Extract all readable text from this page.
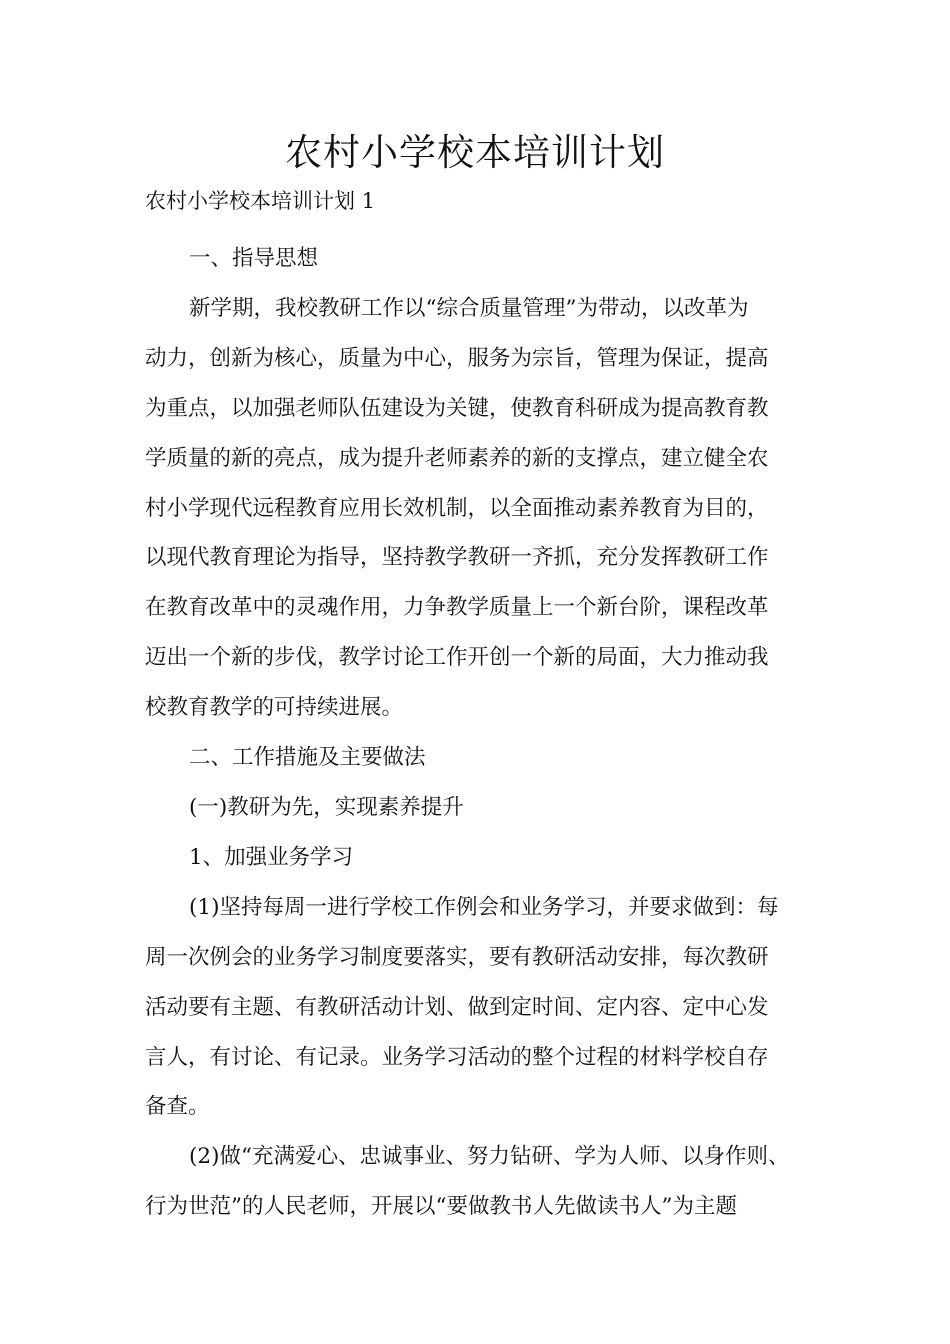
农村小学校本培训计划
农村小学校本培训计划 1
一、指导思想
新学期，我校教研工作以“综合质量管理”为带动，以改革为
动力，创新为核心，质量为中心，服务为宗旨，管理为保证，提高
为重点，以加强老师队伍建设为关键，使教育科研成为提高教育教
学质量的新的亮点，成为提升老师素养的新的支撑点，建立健全农
村小学现代远程教育应用长效机制，以全面推动素养教育为目的，
以现代教育理论为指导，坚持教学教研一齐抓，充分发挥教研工作
在教育改革中的灵魂作用，力争教学质量上一个新台阶，课程改革
迈出一个新的步伐，教学讨论工作开创一个新的局面，大力推动我
校教育教学的可持续进展。
二、工作措施及主要做法
(一)教研为先，实现素养提升
1、加强业务学习
(1)坚持每周一进行学校工作例会和业务学习，并要求做到：每
周一次例会的业务学习制度要落实，要有教研活动安排，每次教研
活动要有主题、有教研活动计划、做到定时间、定内容、定中心发
言人，有讨论、有记录。业务学习活动的整个过程的材料学校自存
备查。
(2)做“充满爱心、忠诚事业、努力钻研、学为人师、以身作则、
行为世范”的人民老师，开展以“要做教书人先做读书人”为主题
